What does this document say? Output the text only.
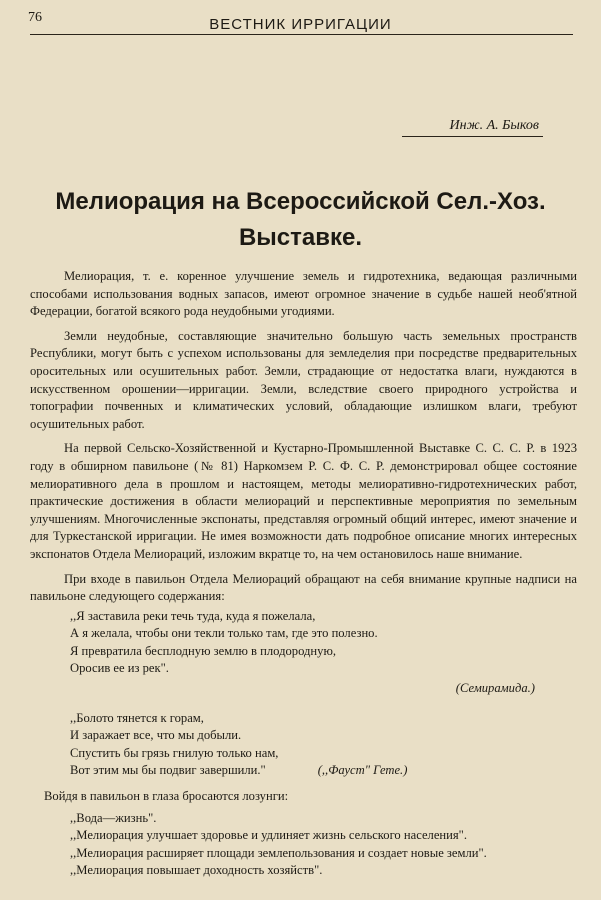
76	ВЕСТНИК ИРРИГАЦИИ
Инж. А. Быков
Мелиорация на Всероссийской Сел.-Хоз.
Выставке.

Мелиорация, т. е. коренное улучшение земель и гидротехника, ведающая различными способами использования водных запасов, имеют огромное значение в судьбе нашей необ'ятной Федерации, богатой всякого рода неудобными угодиями.

Земли неудобные, составляющие значительно большую часть земельных пространств Республики, могут быть с успехом использованы для земледелия при посредстве предварительных оросительных или осушительных работ. Земли, страдающие от недостатка влаги, нуждаются в искусственном орошении—ирригации. Земли, вследствие своего природного устройства и топографии почвенных и климатических условий, обладающие излишком влаги, требуют осушительных работ.

На первой Сельско-Хозяйственной и Кустарно-Промышленной Выставке С. С. С. Р. в 1923 году в обширном павильоне (№ 81) Наркомзем Р. С. Ф. С. Р. демонстрировал общее состояние мелиоративного дела в прошлом и настоящем, методы мелиоративно-гидротехнических работ, практические достижения в области мелиораций и перспективные мероприятия по земельным улучшениям. Многочисленные экспонаты, представляя огромный общий интерес, имеют значение и для Туркестанской ирригации. Не имея возможности дать подробное описание многих интересных экспонатов Отдела Мелиораций, изложим вкратце то, на чем остановилось наше внимание.

При входе в павильон Отдела Мелиораций обращают на себя внимание крупные надписи на павильоне следующего содержания:

,,Я заставила реки течь туда, куда я пожелала,
А я желала, чтобы они текли только там, где это полезно.
Я превратила бесплодную землю в плодородную,
Оросив ее из рек".
(Семирамида.)
,,Болото тянется к горам,
И заражает все, что мы добыли.
Спустить бы грязь гнилую только нам,
Вот этим мы бы подвиг завершили."	(,,Фауст" Гете.)
Войдя в павильон в глаза бросаются лозунги:
,,Вода—жизнь".
,,Мелиорация улучшает здоровье и удлиняет жизнь сельского населения".
,,Мелиорация расширяет площади землепользования и создает новые земли".
,,Мелиорация повышает доходность хозяйств".
